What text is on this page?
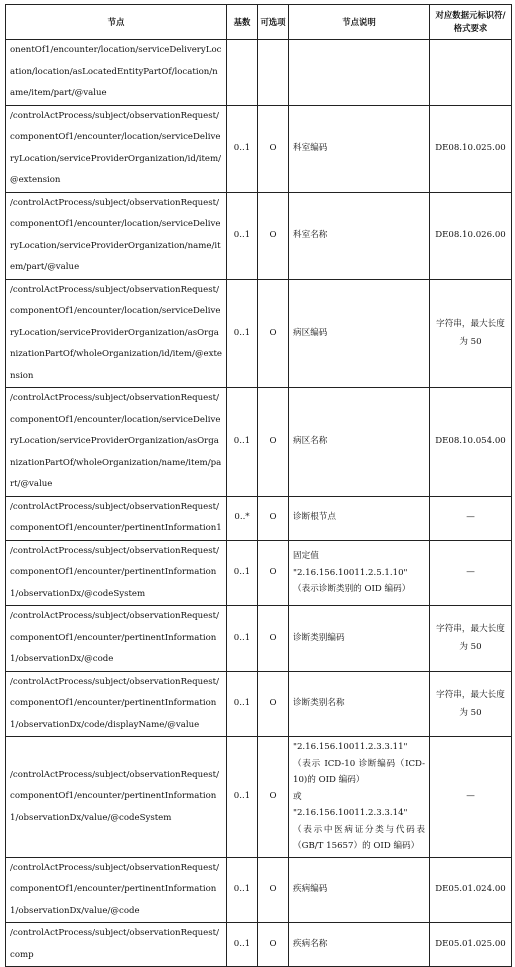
节点	基数	可选项	节点说明	对应数据元标识符/格式要求
onentOf1/encounter/location/serviceDeliveryLocation/location/asLocatedEntityPartOf/location/name/item/part/@value				
/controlActProcess/subject/observationRequest/componentOf1/encounter/location/serviceDeliveryLocation/serviceProviderOrganization/id/item/@extension	0..1	O	科室编码	DE08.10.025.00
/controlActProcess/subject/observationRequest/componentOf1/encounter/location/serviceDeliveryLocation/serviceProviderOrganization/name/item/part/@value	0..1	O	科室名称	DE08.10.026.00
/controlActProcess/subject/observationRequest/componentOf1/encounter/location/serviceDeliveryLocation/serviceProviderOrganization/asOrganizationPartOf/wholeOrganization/id/item/@extension	0..1	O	病区编码	字符串，最大长度为 50
/controlActProcess/subject/observationRequest/componentOf1/encounter/location/serviceDeliveryLocation/serviceProviderOrganization/asOrganizationPartOf/wholeOrganization/name/item/part/@value	0..1	O	病区名称	DE08.10.054.00
/controlActProcess/subject/observationRequest/componentOf1/encounter/pertinentInformation1	0..*	O	诊断根节点	—
/controlActProcess/subject/observationRequest/componentOf1/encounter/pertinentInformation1/observationDx/@codeSystem	0..1	O	固定值
"2.16.156.10011.2.5.1.10"
（表示诊断类别的 OID 编码）	—
/controlActProcess/subject/observationRequest/componentOf1/encounter/pertinentInformation1/observationDx/@code	0..1	O	诊断类别编码	字符串，最大长度为 50
/controlActProcess/subject/observationRequest/componentOf1/encounter/pertinentInformation1/observationDx/code/displayName/@value	0..1	O	诊断类别名称	字符串，最大长度为 50
/controlActProcess/subject/observationRequest/componentOf1/encounter/pertinentInformation1/observationDx/value/@codeSystem	0..1	O	"2.16.156.10011.2.3.3.11"
（表示 ICD-10 诊断编码（ICD-10)的 OID 编码）
或
"2.16.156.10011.2.3.3.14"
（表示中医病证分类与代码表（GB/T 15657）的 OID 编码）	—
/controlActProcess/subject/observationRequest/componentOf1/encounter/pertinentInformation1/observationDx/value/@code	0..1	O	疾病编码	DE05.01.024.00
/controlActProcess/subject/observationRequest/comp	0..1	O	疾病名称	DE05.01.025.00
